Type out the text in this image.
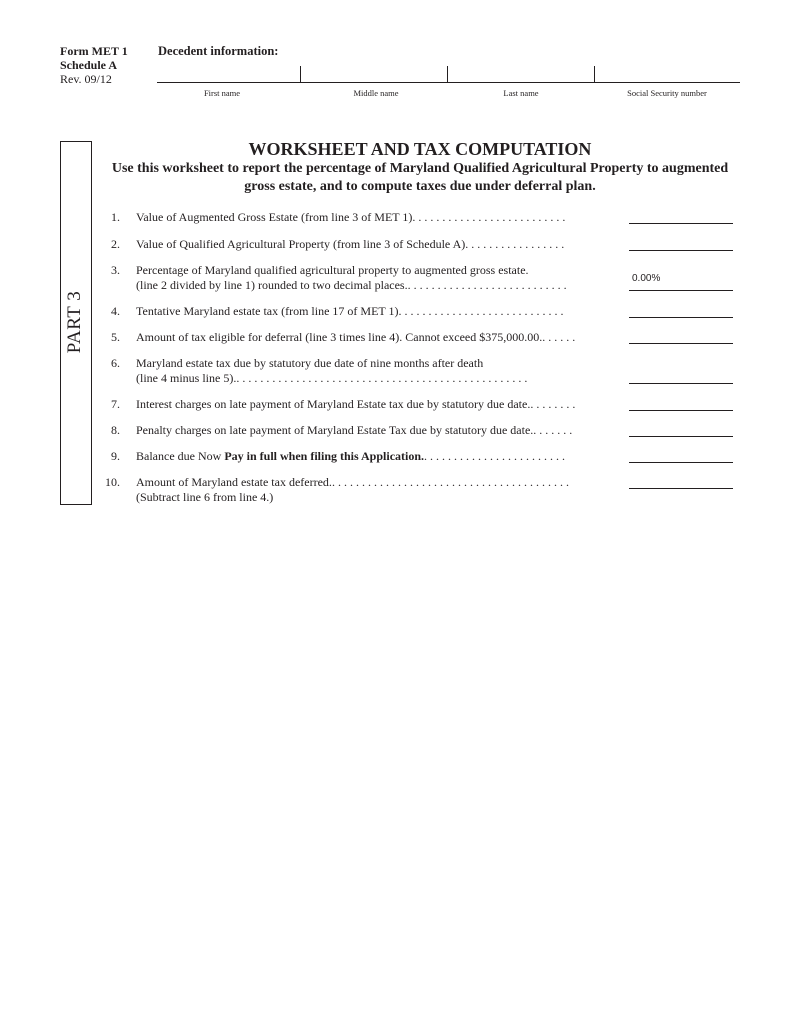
Form MET 1
Schedule A
Rev. 09/12
Decedent information:
First name	Middle name	Last name	Social Security number
PART 3
WORKSHEET AND TAX COMPUTATION
Use this worksheet to report the percentage of Maryland Qualified Agricultural Property to augmented
gross estate, and to compute taxes due under deferral plan.
1. Value of Augmented Gross Estate (from line 3 of MET 1). . . . . . . . . . . . . . . . . . . . . . . . . .
2. Value of Qualified Agricultural Property (from line 3 of Schedule A). . . . . . . . . . . . . . . . .
3. Percentage of Maryland qualified agricultural property to augmented gross estate.
(line 2 divided by line 1) rounded to two decimal places.. . . . . . . . . . . . . . . . . . . . . . . . . . .	0.00%
4. Tentative Maryland estate tax (from line 17 of MET 1). . . . . . . . . . . . . . . . . . . . . . . . . . . .
5. Amount of tax eligible for deferral (line 3 times line 4). Cannot exceed $375,000.00.. . . . . .
6. Maryland estate tax due by statutory due date of nine months after death
(line 4 minus line 5).. . . . . . . . . . . . . . . . . . . . . . . . . . . . . . . . . . . . . . . . . . . . . . . . .
7. Interest charges on late payment of Maryland Estate tax due by statutory due date.. . . . . . . .
8. Penalty charges on late payment of Maryland Estate Tax due by statutory due date.. . . . . . .
9. Balance due Now Pay in full when filing this Application.. . . . . . . . . . . . . . . . . . . . . . . .
10. Amount of Maryland estate tax deferred.. . . . . . . . . . . . . . . . . . . . . . . . . . . . . . . . . . . . . . . .
(Subtract line 6 from line 4.)
